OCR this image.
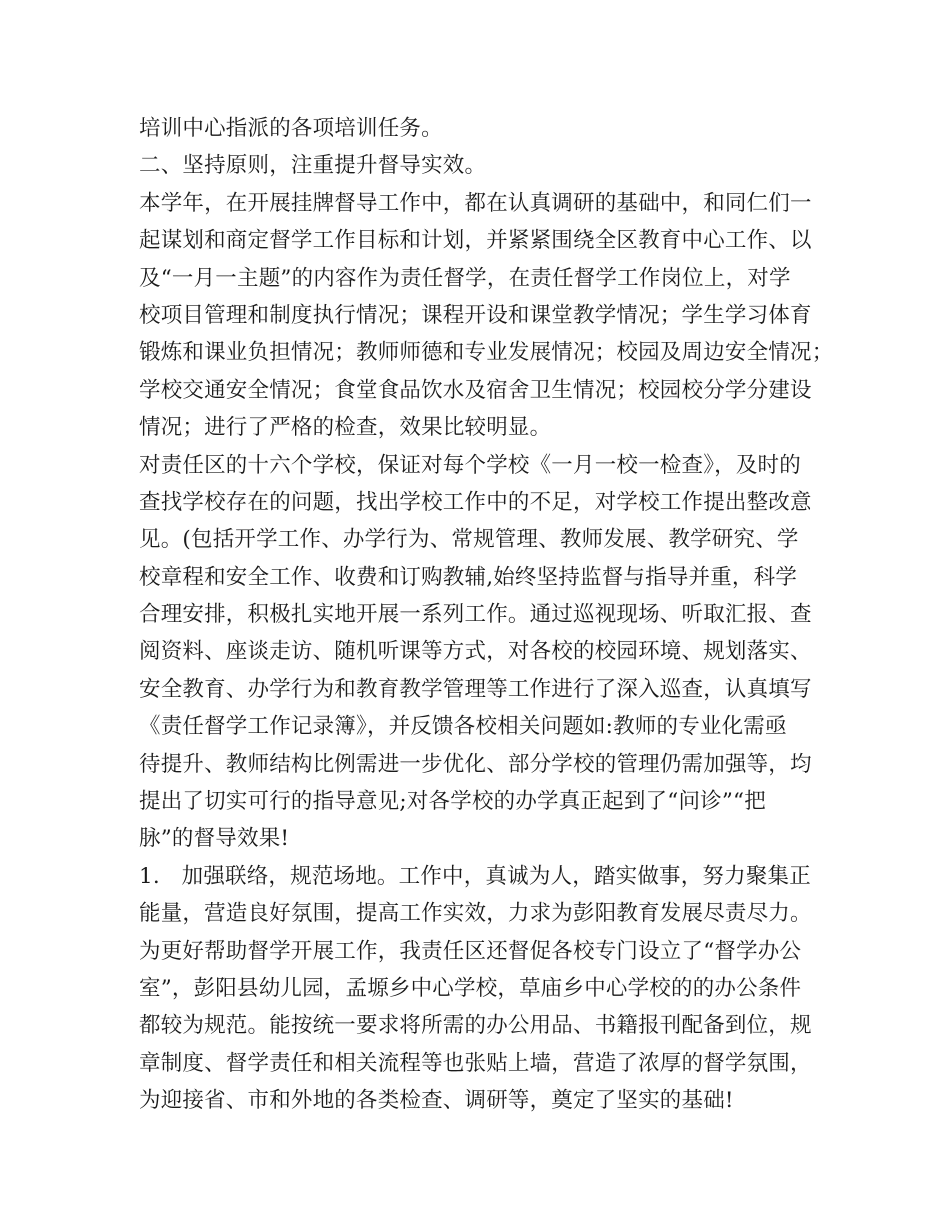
培训中心指派的各项培训任务。
二、坚持原则，注重提升督导实效。
本学年，在开展挂牌督导工作中，都在认真调研的基础中，和同仁们一
起谋划和商定督学工作目标和计划，并紧紧围绕全区教育中心工作、以
及“一月一主题”的内容作为责任督学，在责任督学工作岗位上，对学
校项目管理和制度执行情况；课程开设和课堂教学情况；学生学习体育
锻炼和课业负担情况；教师师德和专业发展情况；校园及周边安全情况；
学校交通安全情况；食堂食品饮水及宿舍卫生情况；校园校分学分建设
情况；进行了严格的检查，效果比较明显。
对责任区的十六个学校，保证对每个学校《一月一校一检查》，及时的
查找学校存在的问题，找出学校工作中的不足，对学校工作提出整改意
见。(包括开学工作、办学行为、常规管理、教师发展、教学研究、学
校章程和安全工作、收费和订购教辅,始终坚持监督与指导并重，科学
合理安排，积极扎实地开展一系列工作。通过巡视现场、听取汇报、查
阅资料、座谈走访、随机听课等方式，对各校的校园环境、规划落实、
安全教育、办学行为和教育教学管理等工作进行了深入巡查，认真填写
《责任督学工作记录簿》，并反馈各校相关问题如:教师的专业化需亟
待提升、教师结构比例需进一步优化、部分学校的管理仍需加强等，均
提出了切实可行的指导意见;对各学校的办学真正起到了“问诊”“把
脉”的督导效果!
1.　加强联络，规范场地。工作中，真诚为人，踏实做事，努力聚集正
能量，营造良好氛围，提高工作实效，力求为彭阳教育发展尽责尽力。
为更好帮助督学开展工作，我责任区还督促各校专门设立了“督学办公
室”，彭阳县幼儿园，孟塬乡中心学校，草庙乡中心学校的的办公条件
都较为规范。能按统一要求将所需的办公用品、书籍报刊配备到位，规
章制度、督学责任和相关流程等也张贴上墙，营造了浓厚的督学氛围，
为迎接省、市和外地的各类检查、调研等，奠定了坚实的基础!
